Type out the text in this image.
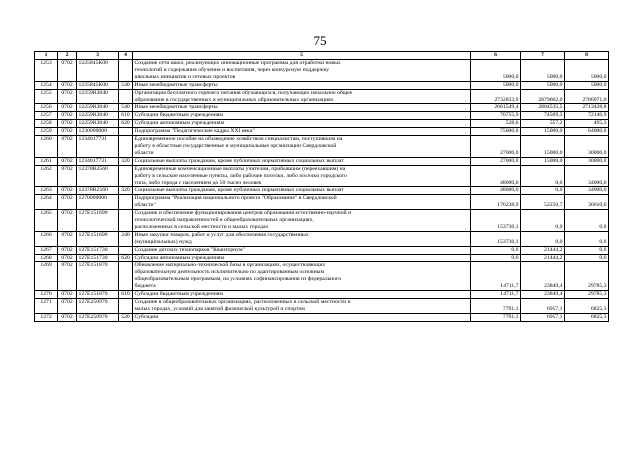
75
1	2	3	4	5	6	7	8
1253	0702	1225845К00		Создание сети школ, реализующих инновационные программы для отработки новых
технологий и содержания обучения и воспитания, через конкурсную поддержку
школьных инициатив и сетевых проектов	5000,0	5000,0	5000,0
1254	0702	1225845К00	540	Иные межбюджетные трансферты	5000,0	5000,0	5000,0
1255	0702	12259R3040		Организация бесплатного горячего питания обучающихся, получающих начальное общее
образование в государственных и муниципальных образовательных организациях	2732833,9	2879662,0	2786071,0
1256	0702	12259R3040	540	Иные межбюджетные трансферты	2661549,4	2804535,5	2713428,8
1257	0702	12259R3040	610	Субсидии бюджетным учреждениям	70755,9	74569,3	72146,9
1258	0702	12259R3040	620	Субсидии автономным учреждениям	528,6	557,2	495,3
1259	0702	1230000000		Подпрограмма "Педагогические кадры XXI века"	75000,0	15000,0	64000,0
1260	0702	1234017731		Единовременное пособие на обзаведение хозяйством специалистам, поступившим на
работу в областные государственные и муниципальные организации Свердловской
области	27000,0	15000,0	30000,0
1261	0702	1234017731	320	Социальные выплаты гражданам, кроме публичных нормативных социальных выплат	27000,0	15000,0	30000,0
1262	0702	12378R2560		Единовременные компенсационные выплаты учителям, прибывшим (переехавшим) на
работу в сельские населенные пункты, либо рабочие поселки, либо поселки городского
типа, либо города с населением до 50 тысяч человек	48000,0	0,0	34000,0
1263	0702	12378R2560	320	Социальные выплаты гражданам, кроме публичных нормативных социальных выплат	48000,0	0,0	34000,0
1264	0702	1270000000		Подпрограмма "Реализация национального проекта "Образование" в Свердловской
области"	176238,9	52250,7	36610,6
1265	0702	127E151690		Создание и обеспечение функционирования центров образования естественно-научной и
технологической направленностей в общеобразовательных организациях,
расположенных в сельской местности и малых городах	153736,1	0,0	0,0
1266	0702	127E151690	240	Иные закупки товаров, работ и услуг для обеспечения государственных
(муниципальных) нужд	153736,1	0,0	0,0
1267	0702	127E151730		Создание детских технопарков "Кванториум"	0,0	21444,2	0,0
1268	0702	127E151730	620	Субсидии автономным учреждениям	0,0	21444,2	0,0
1269	0702	127E151870		Обновление материально-технической базы в организациях, осуществляющих
образовательную деятельность исключительно по адаптированным основным
общеобразовательным программам, на условиях софинансирования из федерального
бюджета	14711,7	23849,4	29785,3
1270	0702	127E151870	610	Субсидии бюджетным учреждениям	14711,7	23849,4	29785,3
1271	0702	127E250970		Создание в общеобразовательных организациях, расположенных в сельской местности и
малых городах, условий для занятий физической культурой и спортом	7791,1	6957,1	6825,3
1272	0702	127E250970	520	Субсидии	7791,1	6957,1	6825,3
